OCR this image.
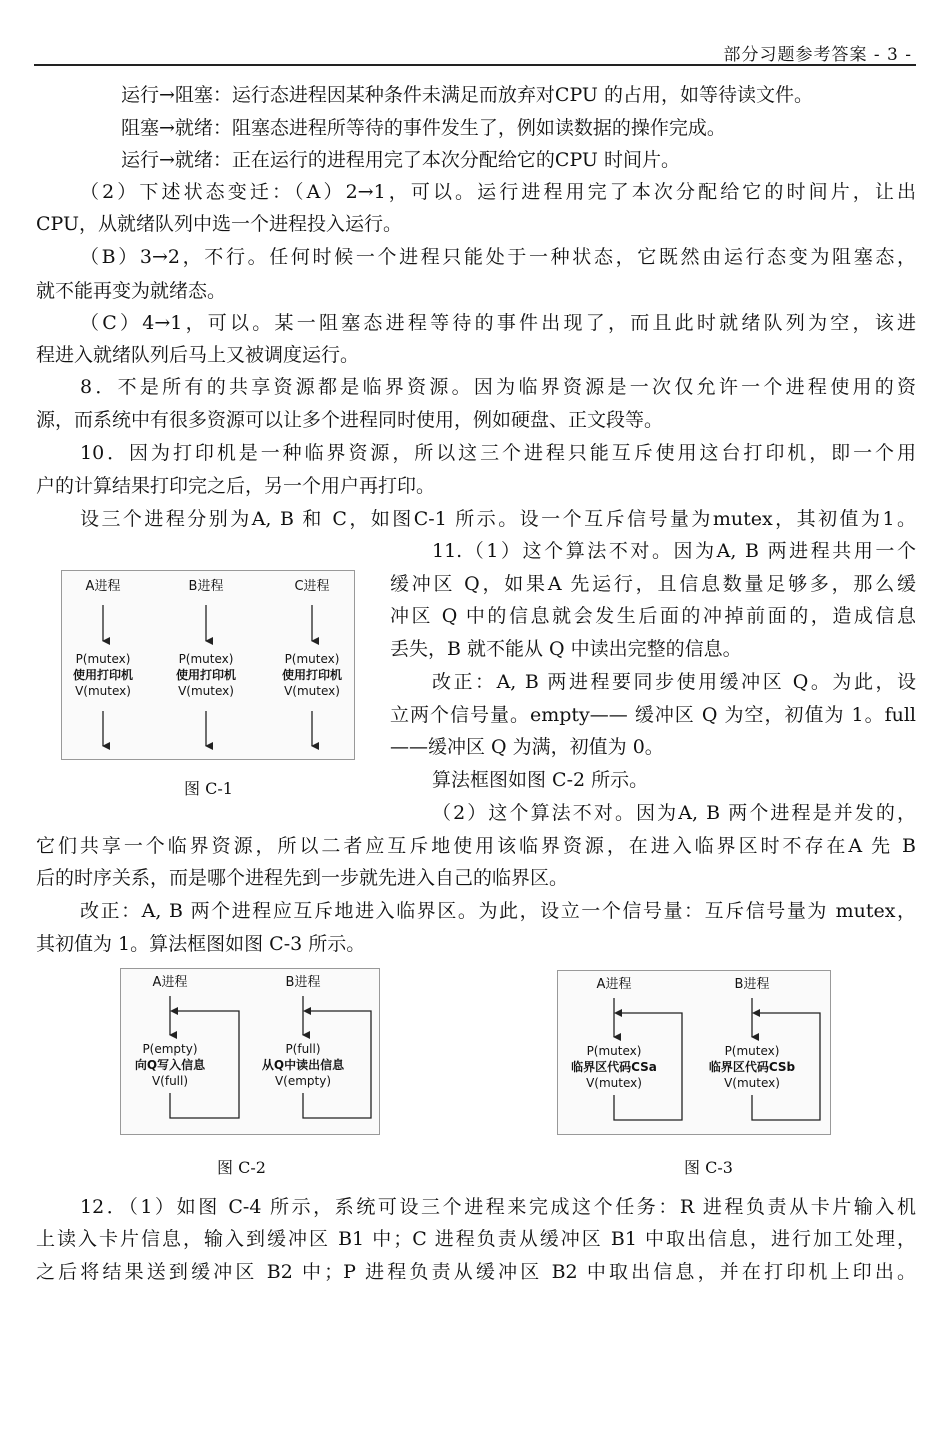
部分习题参考答案 - 3 -
运行→阻塞：运行态进程因某种条件未满足而放弃对CPU 的占用，如等待读文件。
阻塞→就绪：阻塞态进程所等待的事件发生了，例如读数据的操作完成。
运行→就绪：正在运行的进程用完了本次分配给它的CPU 时间片。
（2）下述状态变迁：（A）2→1，可以。运行进程用完了本次分配给它的时间片，让出
CPU，从就绪队列中选一个进程投入运行。
（B）3→2，不行。任何时候一个进程只能处于一种状态，它既然由运行态变为阻塞态，
就不能再变为就绪态。
（C）4→1，可以。某一阻塞态进程等待的事件出现了，而且此时就绪队列为空，该进
程进入就绪队列后马上又被调度运行。
8．不是所有的共享资源都是临界资源。因为临界资源是一次仅允许一个进程使用的资
源，而系统中有很多资源可以让多个进程同时使用，例如硬盘、正文段等。
10．因为打印机是一种临界资源，所以这三个进程只能互斥使用这台打印机，即一个用
户的计算结果打印完之后，另一个用户再打印。
设三个进程分别为A, B 和 C，如图C-1 所示。设一个互斥信号量为mutex，其初值为1。
11.（1）这个算法不对。因为A, B 两进程共用一个
缓冲区 Q，如果A 先运行，且信息数量足够多，那么缓
冲区 Q 中的信息就会发生后面的冲掉前面的，造成信息
丢失，B 就不能从 Q 中读出完整的信息。
改正：A, B 两进程要同步使用缓冲区 Q。为此，设
立两个信号量。empty—— 缓冲区 Q 为空，初值为 1。full
——缓冲区 Q 为满，初值为 0。
算法框图如图 C-2 所示。
（2）这个算法不对。因为A, B 两个进程是并发的，
它们共享一个临界资源，所以二者应互斥地使用该临界资源，在进入临界区时不存在A 先 B
后的时序关系，而是哪个进程先到一步就先进入自己的临界区。
改正：A, B 两个进程应互斥地进入临界区。为此，设立一个信号量：互斥信号量为 mutex，
其初值为 1。算法框图如图 C-3 所示。
12．（1）如图 C-4 所示，系统可设三个进程来完成这个任务：R 进程负责从卡片输入机
上读入卡片信息，输入到缓冲区 B1 中；C 进程负责从缓冲区 B1 中取出信息，进行加工处理，
之后将结果送到缓冲区 B2 中；P 进程负责从缓冲区 B2 中取出信息，并在打印机上印出。
A进程	B进程	C进程
P(mutex)
使用打印机
V(mutex)
P(mutex)
使用打印机
V(mutex)
P(mutex)
使用打印机
V(mutex)
图 C-1
A进程	B进程
P(empty)
向Q写入信息
V(full)
P(full)
从Q中读出信息
V(empty)
图 C-2
A进程	B进程
P(mutex)
临界区代码CSa
V(mutex)
P(mutex)
临界区代码CSb
V(mutex)
图 C-3
